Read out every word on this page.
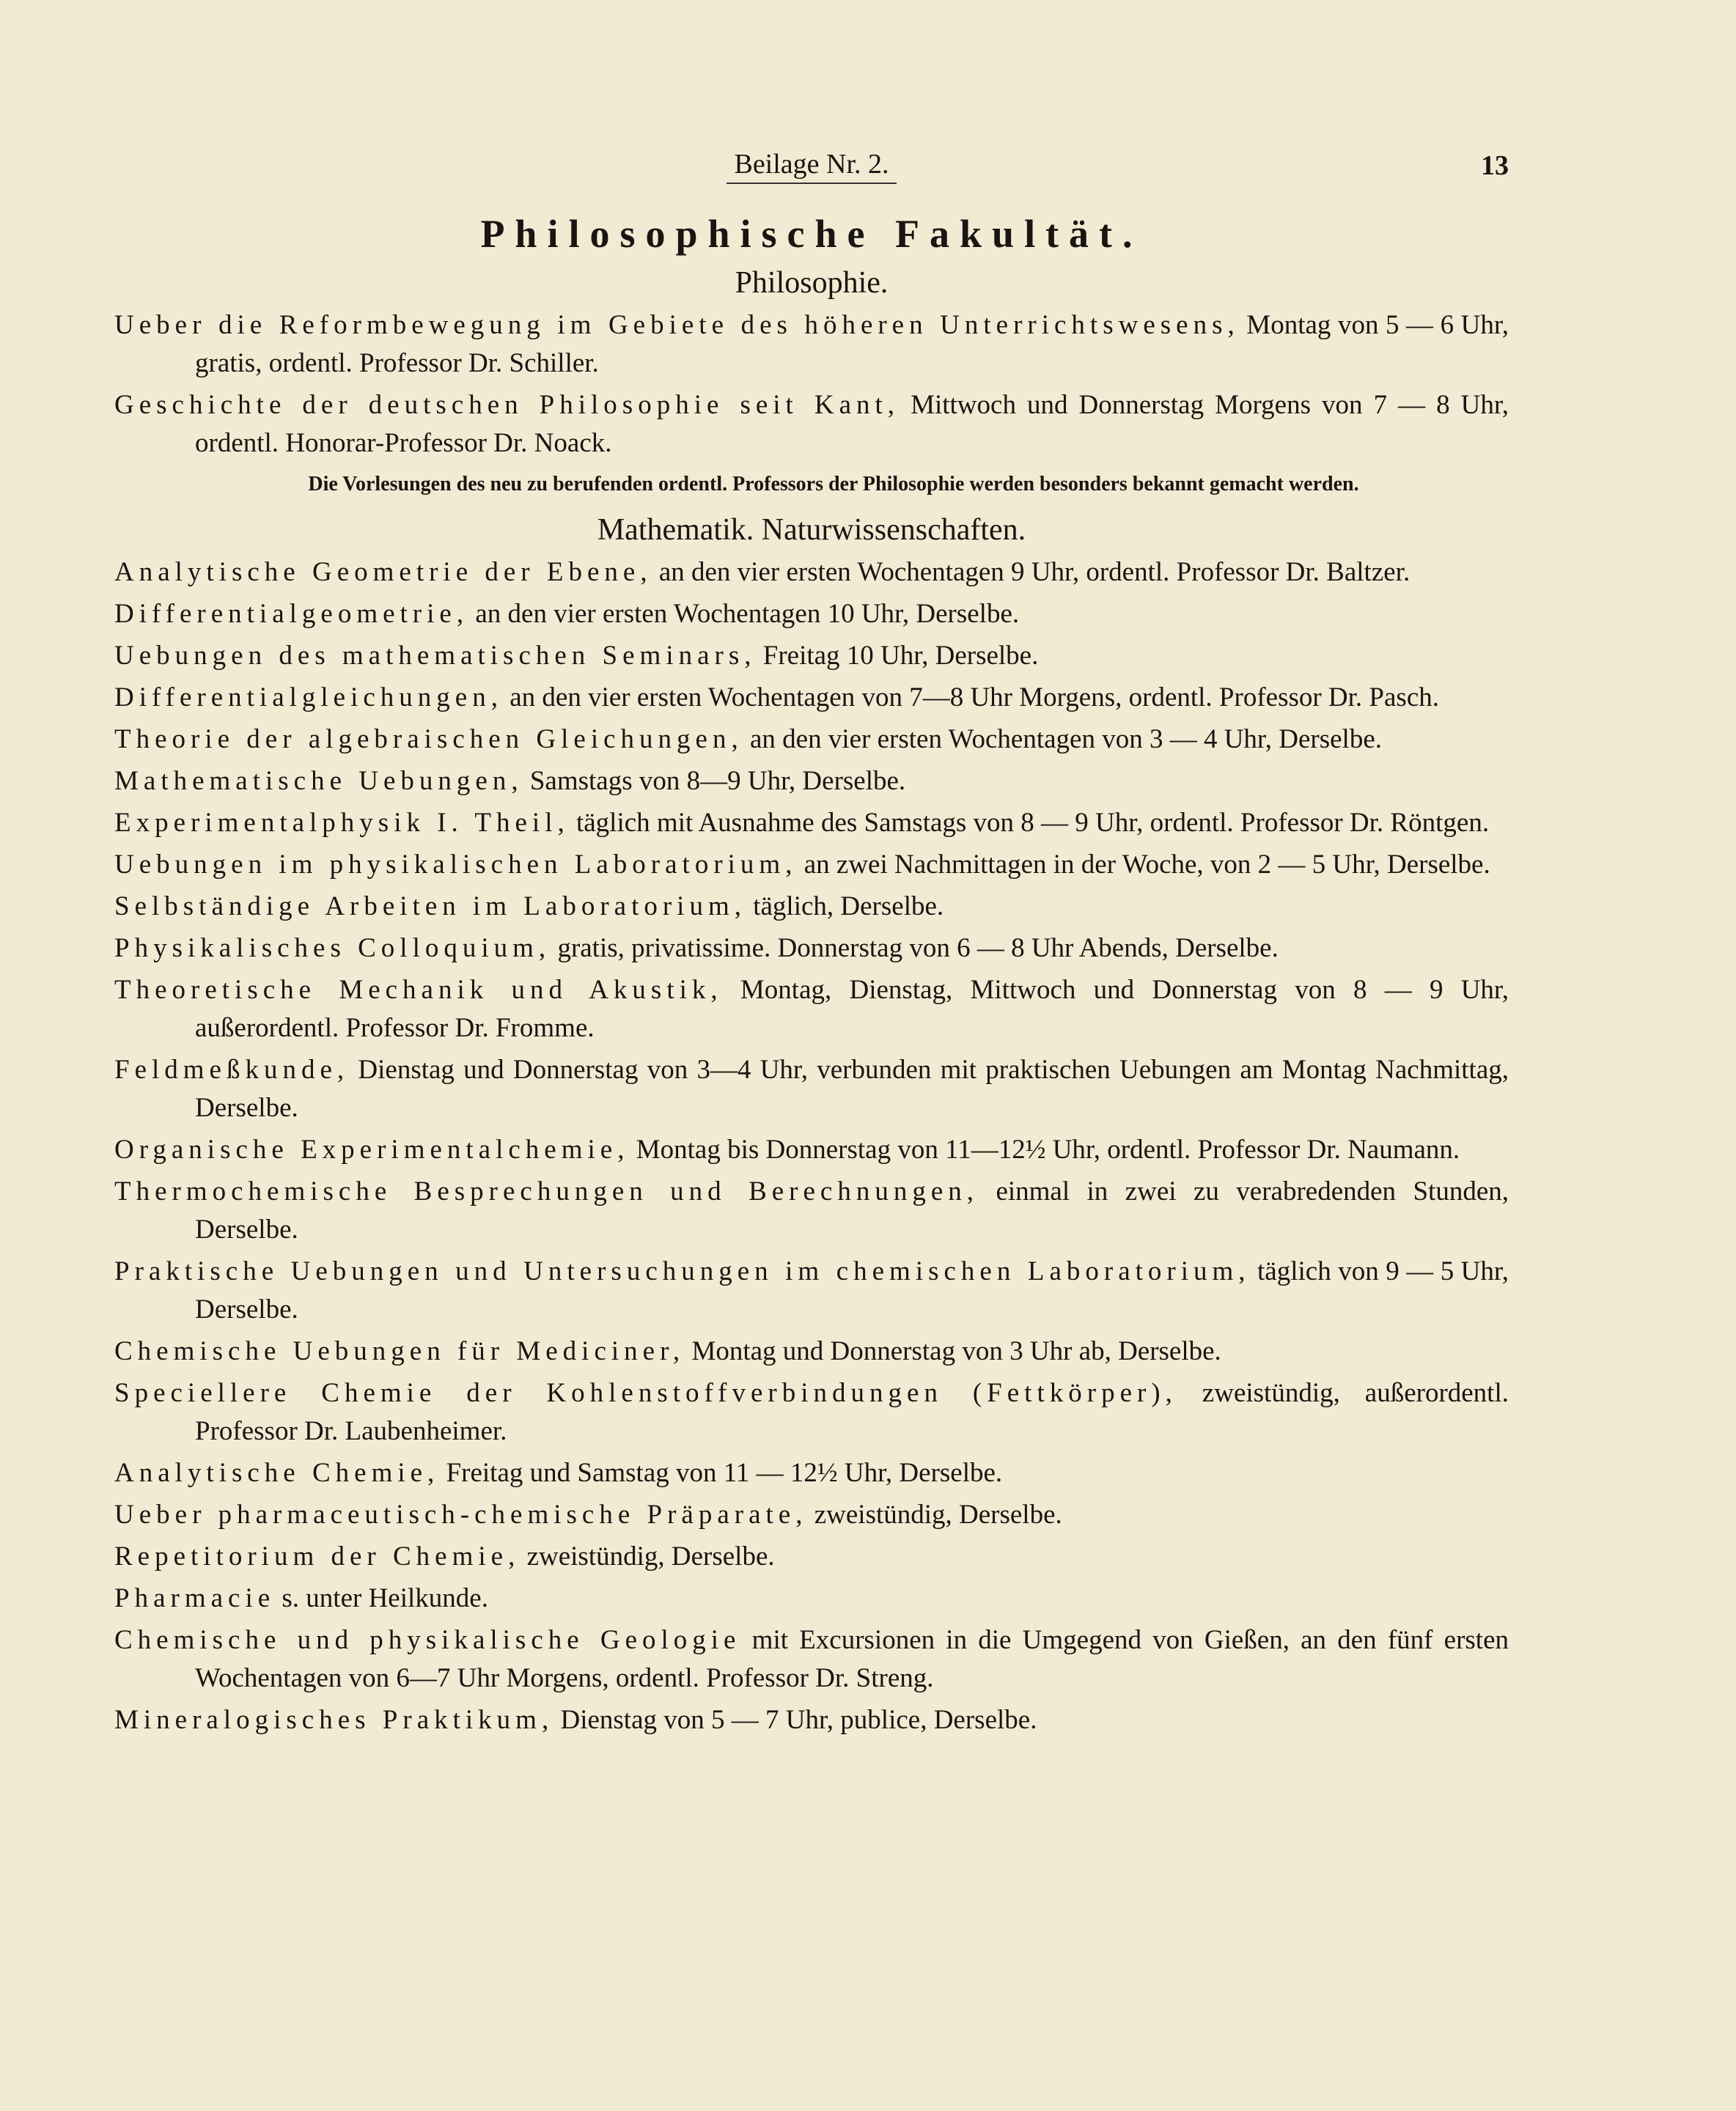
Beilage Nr. 2.	13
Philosophische Fakultät.
Philosophie.

Ueber die Reformbewegung im Gebiete des höheren Unterrichtswesens, Montag von 5 — 6 Uhr, gratis, ordentl. Professor Dr. Schiller.

Geschichte der deutschen Philosophie seit Kant, Mittwoch und Donnerstag Morgens von 7 — 8 Uhr, ordentl. Honorar-Professor Dr. Noack.

Die Vorlesungen des neu zu berufenden ordentl. Professors der Philosophie werden besonders bekannt gemacht werden.

Mathematik. Naturwissenschaften.

Analytische Geometrie der Ebene, an den vier ersten Wochentagen 9 Uhr, ordentl. Professor Dr. Baltzer.

Differentialgeometrie, an den vier ersten Wochentagen 10 Uhr, Derselbe.

Uebungen des mathematischen Seminars, Freitag 10 Uhr, Derselbe.

Differentialgleichungen, an den vier ersten Wochentagen von 7—8 Uhr Morgens, ordentl. Professor Dr. Pasch.

Theorie der algebraischen Gleichungen, an den vier ersten Wochentagen von 3 — 4 Uhr, Derselbe.

Mathematische Uebungen, Samstags von 8—9 Uhr, Derselbe.

Experimentalphysik I. Theil, täglich mit Ausnahme des Samstags von 8 — 9 Uhr, ordentl. Professor Dr. Röntgen.

Uebungen im physikalischen Laboratorium, an zwei Nachmittagen in der Woche, von 2 — 5 Uhr, Derselbe.

Selbständige Arbeiten im Laboratorium, täglich, Derselbe.

Physikalisches Colloquium, gratis, privatissime. Donnerstag von 6 — 8 Uhr Abends, Derselbe.

Theoretische Mechanik und Akustik, Montag, Dienstag, Mittwoch und Donnerstag von 8 — 9 Uhr, außerordentl. Professor Dr. Fromme.

Feldmeßkunde, Dienstag und Donnerstag von 3—4 Uhr, verbunden mit praktischen Uebungen am Montag Nachmittag, Derselbe.

Organische Experimentalchemie, Montag bis Donnerstag von 11—12½ Uhr, ordentl. Professor Dr. Naumann.

Thermochemische Besprechungen und Berechnungen, einmal in zwei zu verabredenden Stunden, Derselbe.

Praktische Uebungen und Untersuchungen im chemischen Laboratorium, täglich von 9 — 5 Uhr, Derselbe.

Chemische Uebungen für Mediciner, Montag und Donnerstag von 3 Uhr ab, Derselbe.

Speciellere Chemie der Kohlenstoffverbindungen (Fettkörper), zweistündig, außerordentl. Professor Dr. Laubenheimer.

Analytische Chemie, Freitag und Samstag von 11 — 12½ Uhr, Derselbe.

Ueber pharmaceutisch-chemische Präparate, zweistündig, Derselbe.

Repetitorium der Chemie, zweistündig, Derselbe.

Pharmacie s. unter Heilkunde.

Chemische und physikalische Geologie mit Excursionen in die Umgegend von Gießen, an den fünf ersten Wochentagen von 6—7 Uhr Morgens, ordentl. Professor Dr. Streng.

Mineralogisches Praktikum, Dienstag von 5 — 7 Uhr, publice, Derselbe.
